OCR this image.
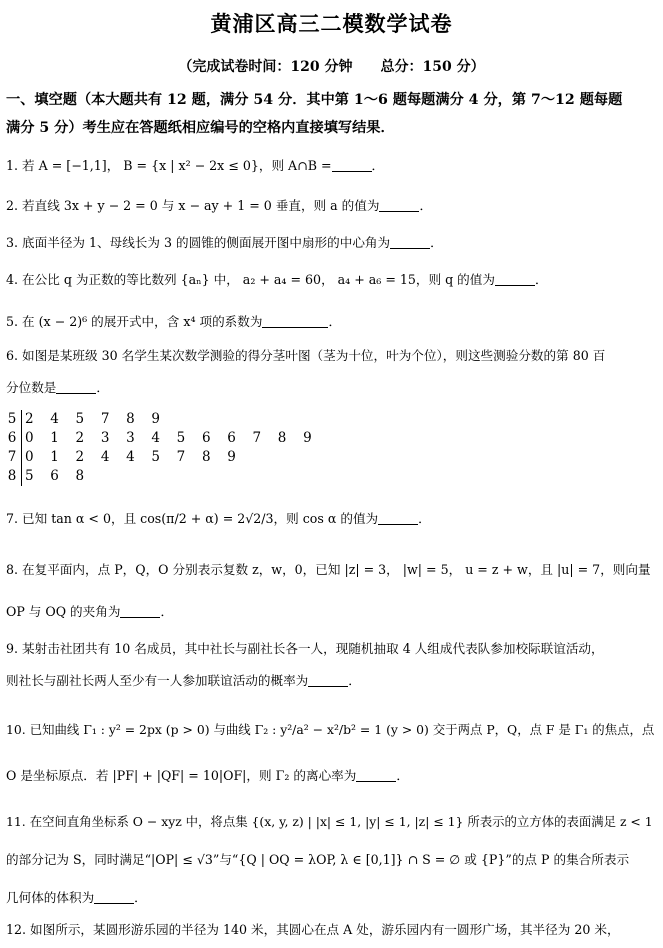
黄浦区高三二模数学试卷
（完成试卷时间：120 分钟　　总分：150 分）
一、填空题（本大题共有 12 题，满分 54 分．其中第 1～6 题每题满分 4 分，第 7～12 题每题
满分 5 分）考生应在答题纸相应编号的空格内直接填写结果．
1. 若 A = [−1,1]， B = {x | x² − 2x ≤ 0}，则 A∩B =	．
2. 若直线 3x + y − 2 = 0 与 x − ay + 1 = 0 垂直，则 a 的值为	．
3. 底面半径为 1、母线长为 3 的圆锥的侧面展开图中扇形的中心角为	．
4. 在公比 q 为正数的等比数列 {aₙ} 中， a₂ + a₄ = 60， a₄ + a₆ = 15，则 q 的值为	．
5. 在 (x − 2)⁶ 的展开式中，含 x⁴ 项的系数为	．
6. 如图是某班级 30 名学生某次数学测验的得分茎叶图（茎为十位，叶为个位），则这些测验分数的第 80 百
分位数是	．
5 2 4 5 7 8 9
6 0 1 2 3 3 4 5 6 6 7 8 9
7 0 1 2 4 4 5 7 8 9
8 5 6 8
7. 已知 tan α < 0，且 cos(π/2 + α) = 2√2/3，则 cos α 的值为	．
8. 在复平面内，点 P，Q，O 分别表示复数 z，w，0，已知 |z| = 3， |w| = 5， u = z + w，且 |u| = 7，则向量
OP 与 OQ 的夹角为	．
9. 某射击社团共有 10 名成员，其中社长与副社长各一人，现随机抽取 4 人组成代表队参加校际联谊活动，
则社长与副社长两人至少有一人参加联谊活动的概率为	．
10. 已知曲线 Γ₁ : y² = 2px (p > 0) 与曲线 Γ₂ : y²/a² − x²/b² = 1 (y > 0) 交于两点 P，Q，点 F 是 Γ₁ 的焦点，点
O 是坐标原点．若 |PF| + |QF| = 10|OF|，则 Γ₂ 的离心率为	．
11. 在空间直角坐标系 O − xyz 中，将点集 {(x, y, z) | |x| ≤ 1, |y| ≤ 1, |z| ≤ 1} 所表示的立方体的表面满足 z < 1
的部分记为 S，同时满足“|OP| ≤ √3”与“{Q | OQ = λOP, λ ∈ [0,1]} ∩ S = ∅ 或 {P}”的点 P 的集合所表示
几何体的体积为	．
12. 如图所示，某圆形游乐园的半径为 140 米，其圆心在点 A 处，游乐园内有一圆形广场，其半径为 20 米，
